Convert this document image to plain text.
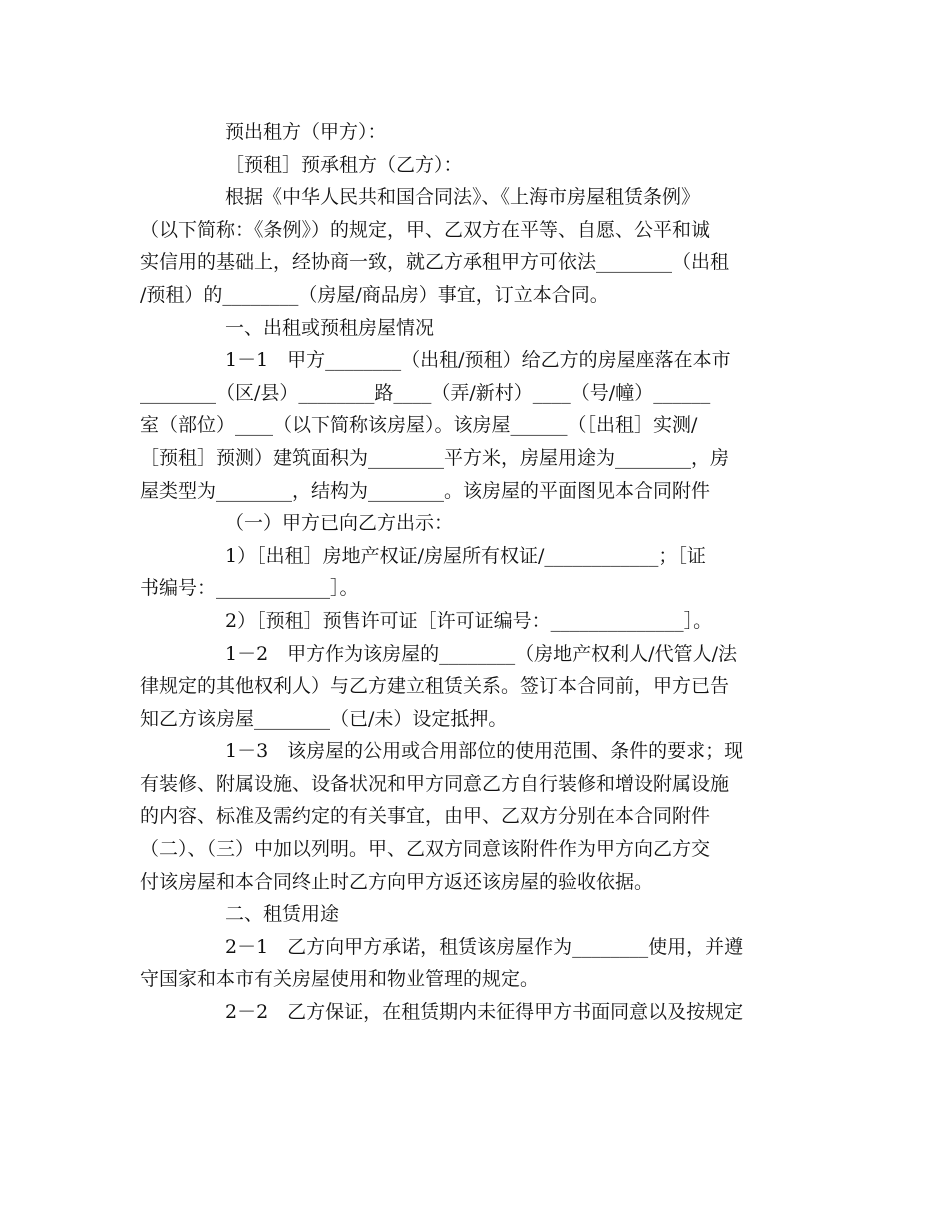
预出租方（甲方）：
［预租］预承租方（乙方）：
根据《中华人民共和国合同法》、《上海市房屋租赁条例》
（以下简称：《条例》）的规定，甲、乙双方在平等、自愿、公平和诚
实信用的基础上，经协商一致，就乙方承租甲方可依法________（出租
/预租）的________（房屋/商品房）事宜，订立本合同。
一、出租或预租房屋情况
1－1　甲方________（出租/预租）给乙方的房屋座落在本市
________（区/县）________路____（弄/新村）____（号/幢）______
室（部位）____（以下简称该房屋）。该房屋______（［出租］实测/
［预租］预测）建筑面积为________平方米，房屋用途为________，房
屋类型为________，结构为________。该房屋的平面图见本合同附件
（一）甲方已向乙方出示：
1）［出租］房地产权证/房屋所有权证/____________；［证
书编号：____________］。
2）［预租］预售许可证［许可证编号：______________］。
1－2　甲方作为该房屋的________（房地产权利人/代管人/法
律规定的其他权利人）与乙方建立租赁关系。签订本合同前，甲方已告
知乙方该房屋________（已/未）设定抵押。
1－3　该房屋的公用或合用部位的使用范围、条件的要求；现
有装修、附属设施、设备状况和甲方同意乙方自行装修和增设附属设施
的内容、标准及需约定的有关事宜，由甲、乙双方分别在本合同附件
（二）、（三）中加以列明。甲、乙双方同意该附件作为甲方向乙方交
付该房屋和本合同终止时乙方向甲方返还该房屋的验收依据。
二、租赁用途
2－1　乙方向甲方承诺，租赁该房屋作为________使用，并遵
守国家和本市有关房屋使用和物业管理的规定。
2－2　乙方保证，在租赁期内未征得甲方书面同意以及按规定
